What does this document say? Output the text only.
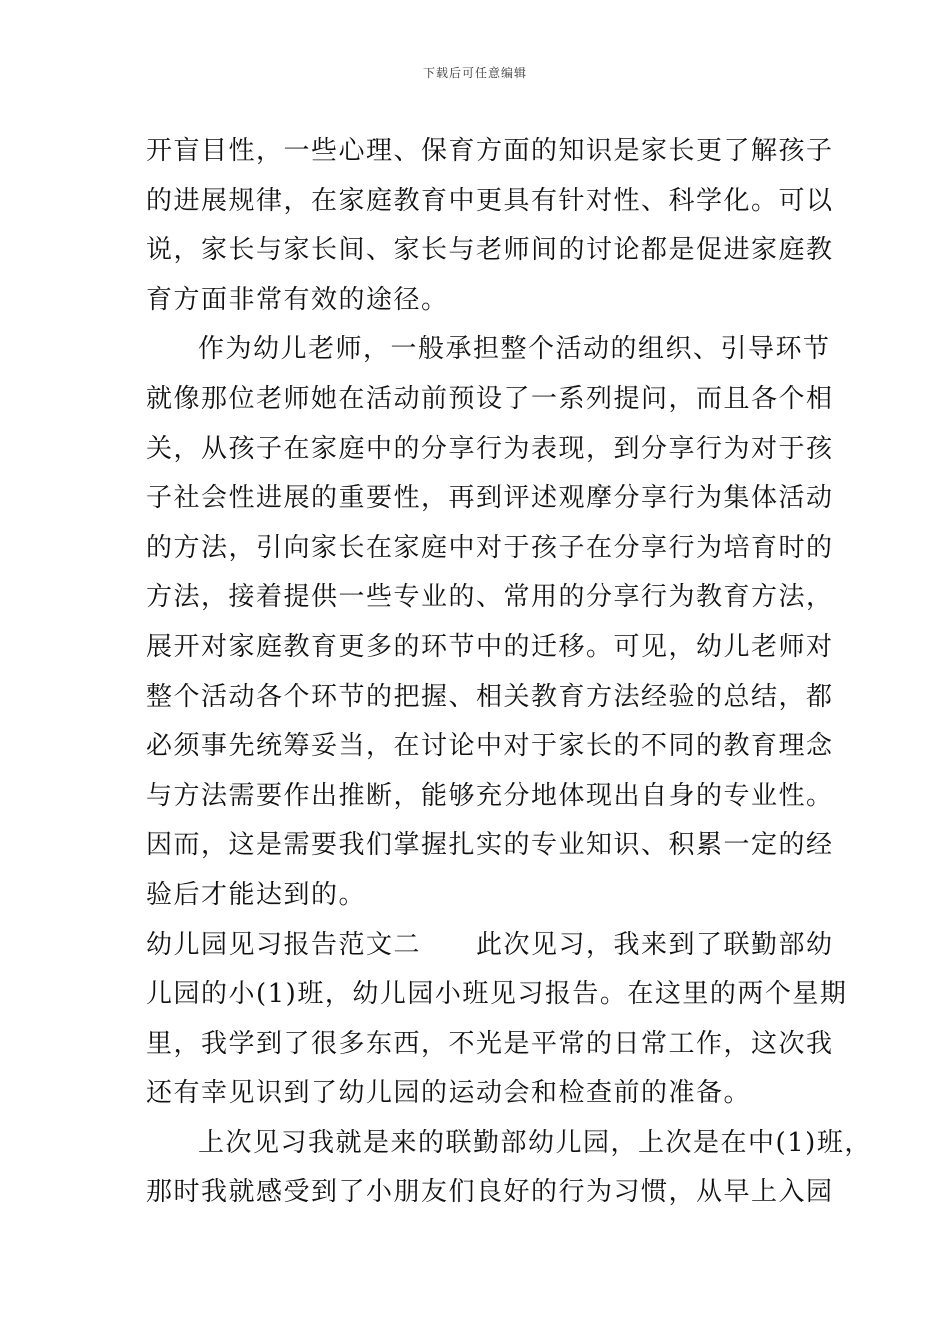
下载后可任意编辑
开盲目性，一些心理、保育方面的知识是家长更了解孩子
的进展规律，在家庭教育中更具有针对性、科学化。可以
说，家长与家长间、家长与老师间的讨论都是促进家庭教
育方面非常有效的途径。
作为幼儿老师，一般承担整个活动的组织、引导环节
就像那位老师她在活动前预设了一系列提问，而且各个相
关，从孩子在家庭中的分享行为表现，到分享行为对于孩
子社会性进展的重要性，再到评述观摩分享行为集体活动
的方法，引向家长在家庭中对于孩子在分享行为培育时的
方法，接着提供一些专业的、常用的分享行为教育方法，
展开对家庭教育更多的环节中的迁移。可见，幼儿老师对
整个活动各个环节的把握、相关教育方法经验的总结，都
必须事先统筹妥当，在讨论中对于家长的不同的教育理念
与方法需要作出推断，能够充分地体现出自身的专业性。
因而，这是需要我们掌握扎实的专业知识、积累一定的经
验后才能达到的。
幼儿园见习报告范文二　　此次见习，我来到了联勤部幼
儿园的小(1)班，幼儿园小班见习报告。在这里的两个星期
里，我学到了很多东西，不光是平常的日常工作，这次我
还有幸见识到了幼儿园的运动会和检查前的准备。
上次见习我就是来的联勤部幼儿园，上次是在中(1)班，
那时我就感受到了小朋友们良好的行为习惯，从早上入园
